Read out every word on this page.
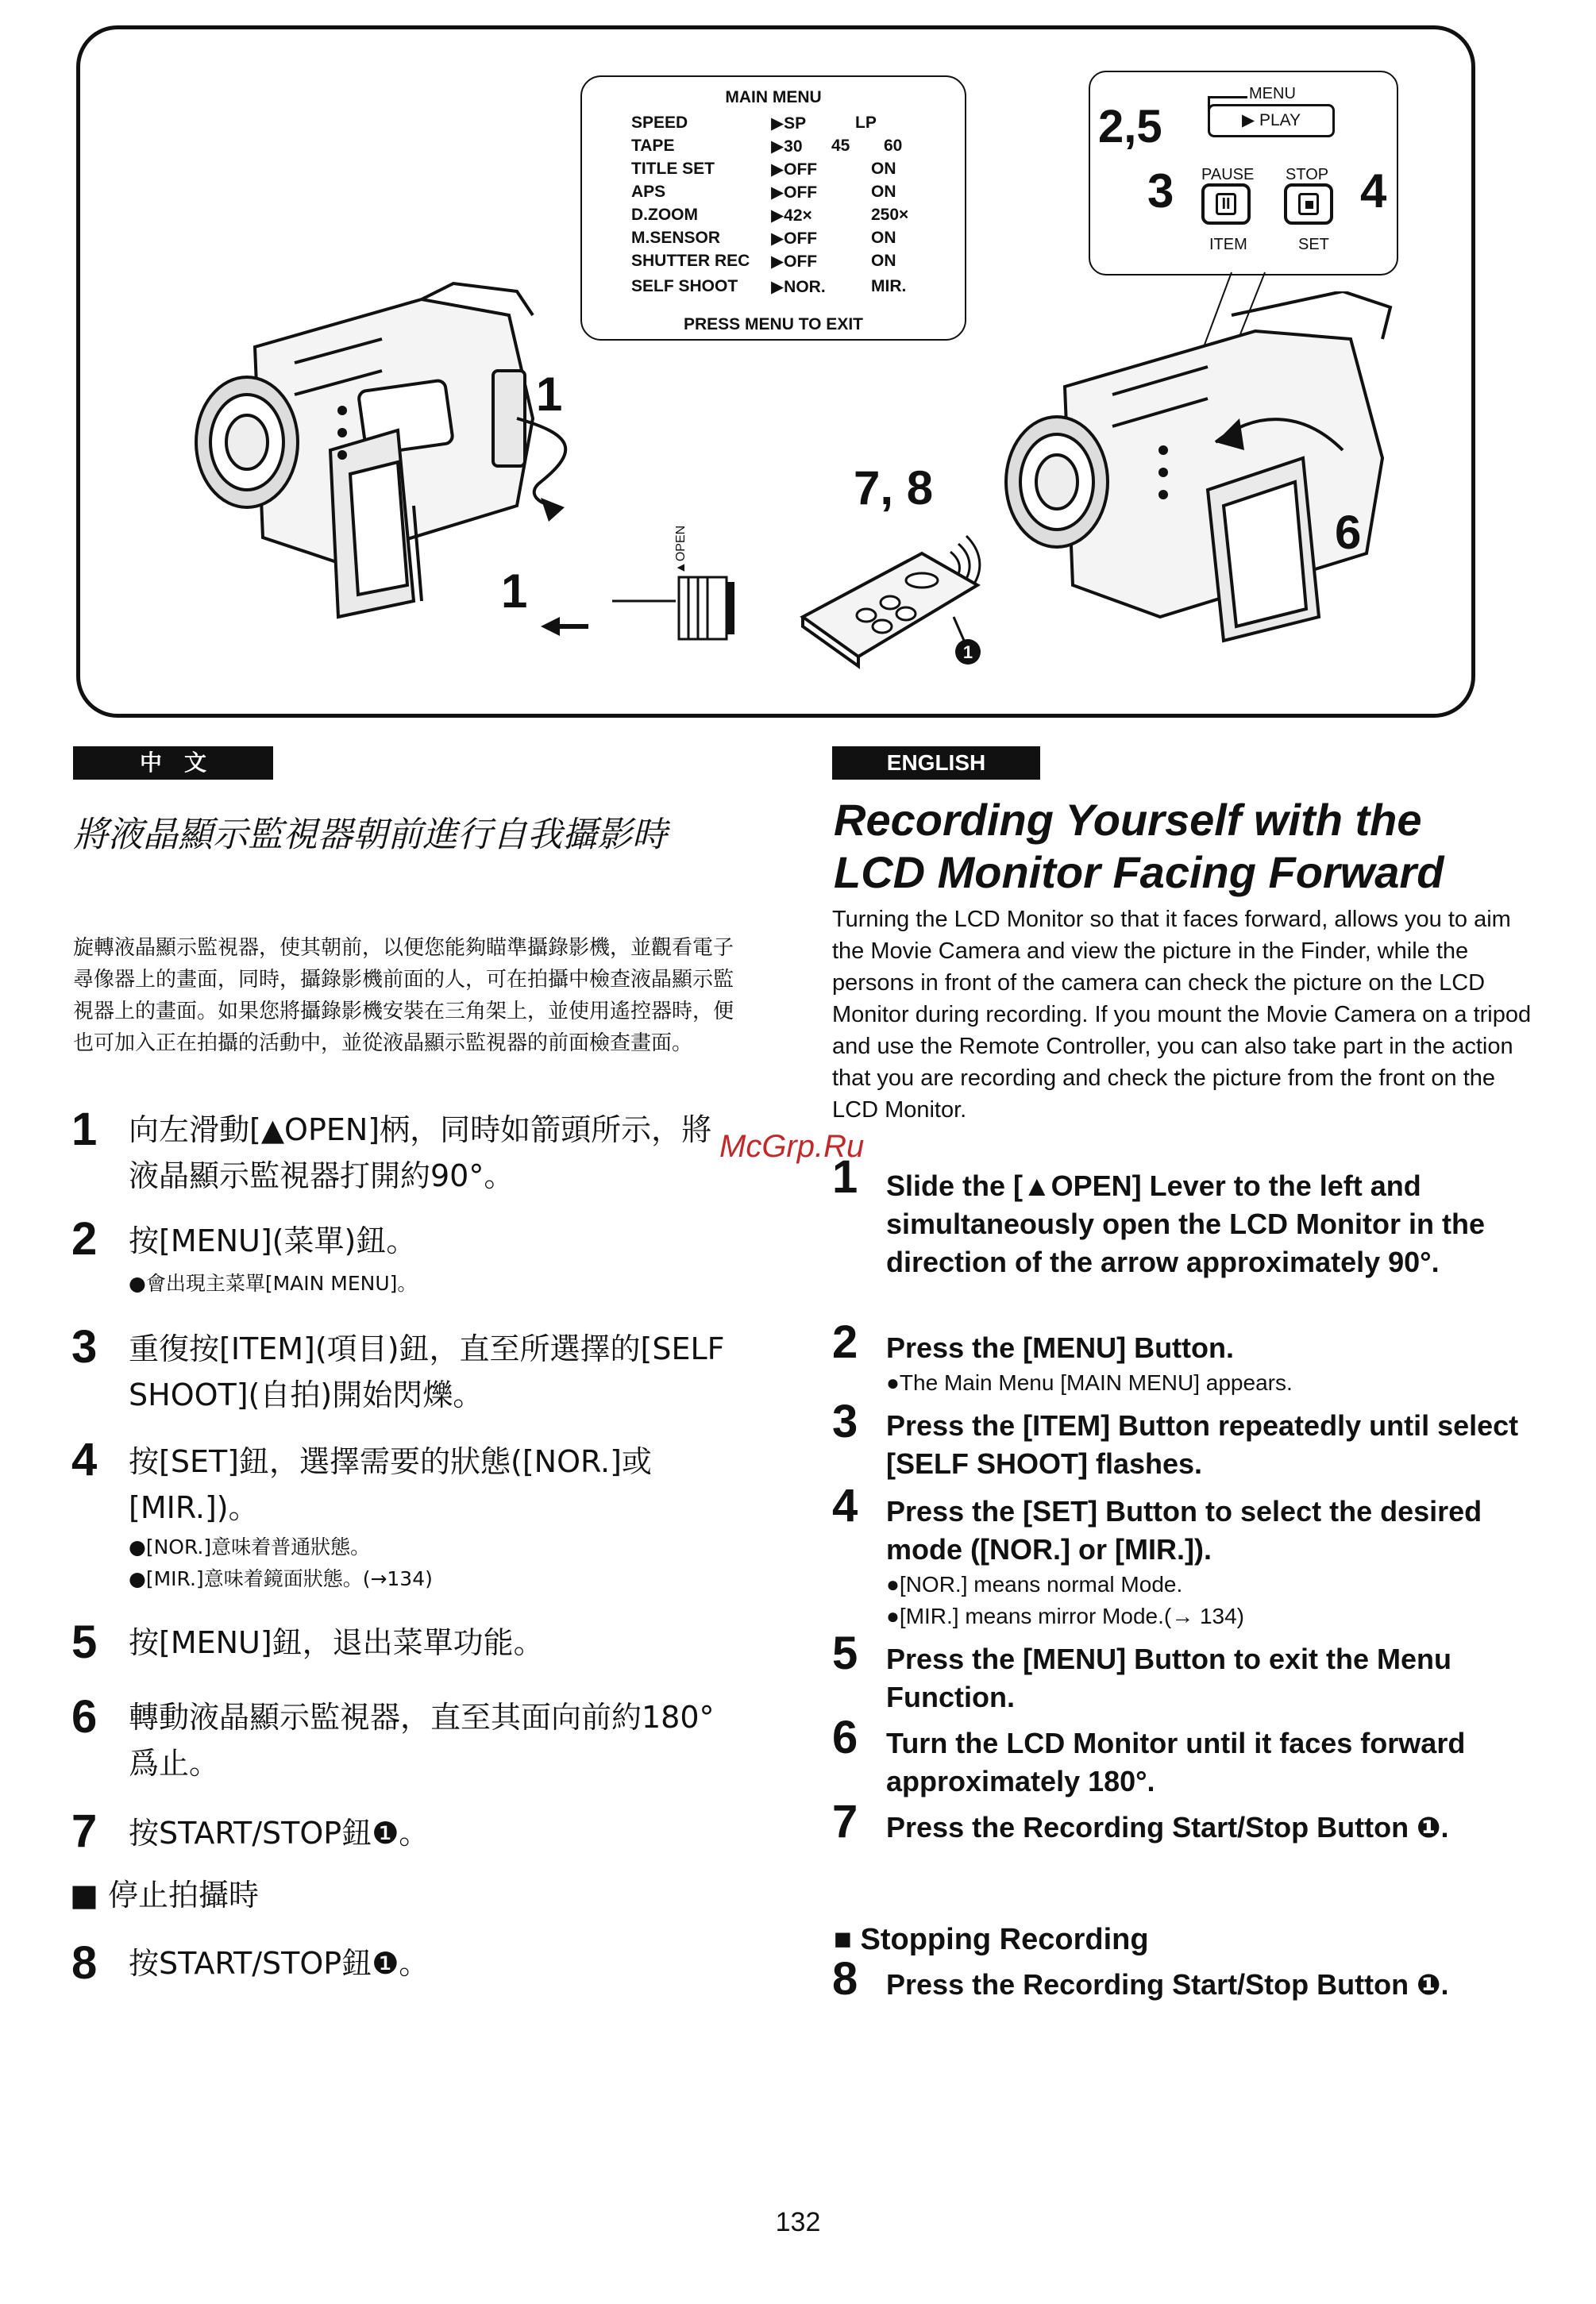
MAIN MENU
SPEED	▶SP	LP
TAPE	▶30 45 60
TITLE SET	▶OFF	ON
APS	▶OFF	ON
D.ZOOM	▶42×	250×
M.SENSOR	▶OFF	ON
SHUTTER REC ▶OFF	ON
SELF SHOOT ▶NOR.	MIR.
PRESS MENU TO EXIT
2,5
MENU
▶ PLAY
3 PAUSE STOP
II	4
ITEM	SET
1
1
▲OPEN
1
7, 8
6
中　文
將液晶顯示監視器朝前進行自我攝影時
旋轉液晶顯示監視器，使其朝前，以便您能夠瞄準攝錄影機，並觀看電子尋像器上的畫面，同時，攝錄影機前面的人，可在拍攝中檢查液晶顯示監視器上的畫面。如果您將攝錄影機安裝在三角架上，並使用遙控器時，便也可加入正在拍攝的活動中，並從液晶顯示監視器的前面檢查畫面。
1 向左滑動[▲OPEN]柄，同時如箭頭所示，將液晶顯示監視器打開約90°。
2 按[MENU](菜單)鈕。
●會出現主菜單[MAIN MENU]。
3 重復按[ITEM](項目)鈕，直至所選擇的[SELF SHOOT](自拍)開始閃爍。
4 按[SET]鈕，選擇需要的狀態([NOR.]或[MIR.])。
●[NOR.]意味着普通狀態。
●[MIR.]意味着鏡面狀態。(→134)
5 按[MENU]鈕，退出菜單功能。
6 轉動液晶顯示監視器，直至其面向前約180°爲止。
7 按START/STOP鈕❶。
■ 停止拍攝時
8 按START/STOP鈕❶。
ENGLISH
Recording Yourself with the
LCD Monitor Facing Forward
Turning the LCD Monitor so that it faces forward, allows you to aim the Movie Camera and view the picture in the Finder, while the persons in front of the camera can check the picture on the LCD Monitor during recording. If you mount the Movie Camera on a tripod and use the Remote Controller, you can also take part in the action that you are recording and check the picture from the front on the LCD Monitor.
1 Slide the [▲OPEN] Lever to the left and simultaneously open the LCD Monitor in the direction of the arrow approximately 90°.
2 Press the [MENU] Button.
●The Main Menu [MAIN MENU] appears.
3 Press the [ITEM] Button repeatedly until select [SELF SHOOT] flashes.
4 Press the [SET] Button to select the desired mode ([NOR.] or [MIR.]).
●[NOR.] means normal Mode.
●[MIR.] means mirror Mode.(→ 134)
5 Press the [MENU] Button to exit the Menu Function.
6 Turn the LCD Monitor until it faces forward approximately 180°.
7 Press the Recording Start/Stop Button ❶.
■ Stopping Recording
8 Press the Recording Start/Stop Button ❶.
McGrp.Ru
132
